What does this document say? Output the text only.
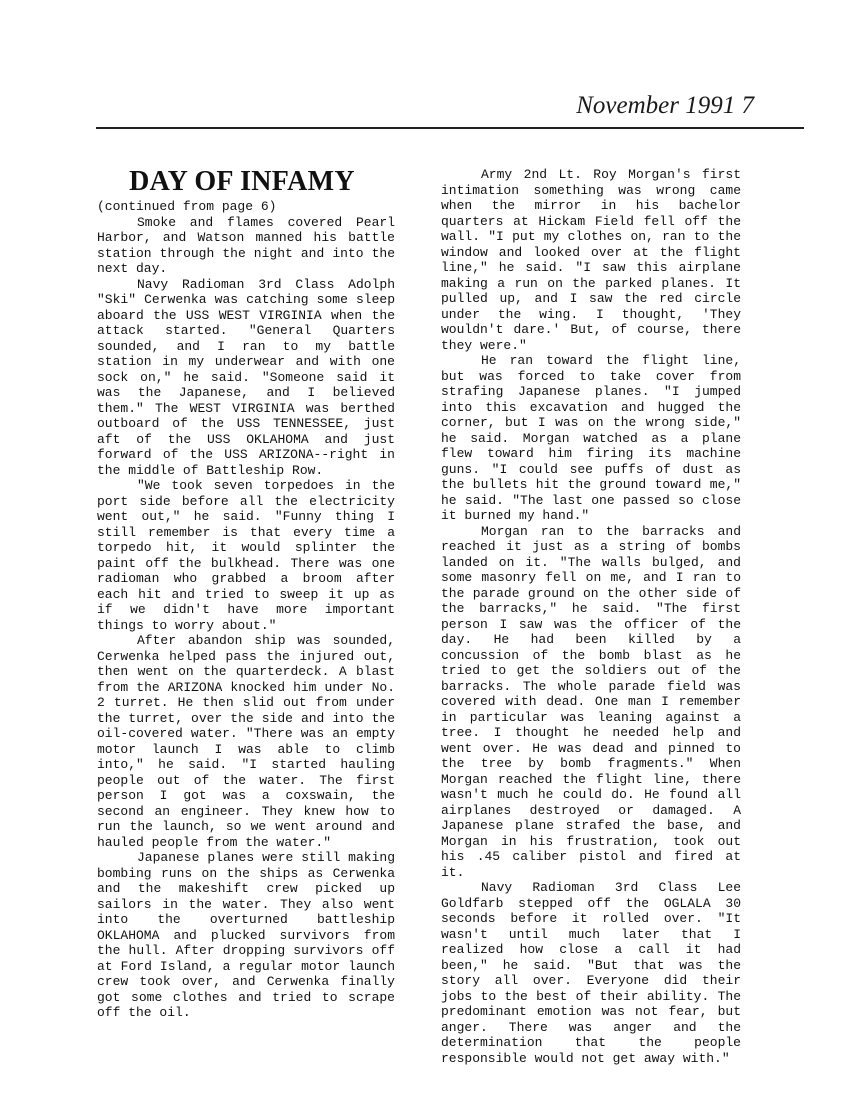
November 1991 7
DAY OF INFAMY

(continued from page 6)

Smoke and flames covered Pearl Harbor, and Watson manned his battle station through the night and into the next day.

Navy Radioman 3rd Class Adolph "Ski" Cerwenka was catching some sleep aboard the USS WEST VIRGINIA when the attack started. "General Quarters sounded, and I ran to my battle station in my underwear and with one sock on," he said. "Someone said it was the Japanese, and I believed them." The WEST VIRGINIA was berthed outboard of the USS TENNESSEE, just aft of the USS OKLAHOMA and just forward of the USS ARIZONA--right in the middle of Battleship Row.

"We took seven torpedoes in the port side before all the electricity went out," he said. "Funny thing I still remember is that every time a torpedo hit, it would splinter the paint off the bulkhead. There was one radioman who grabbed a broom after each hit and tried to sweep it up as if we didn't have more important things to worry about."

After abandon ship was sounded, Cerwenka helped pass the injured out, then went on the quarterdeck. A blast from the ARIZONA knocked him under No. 2 turret. He then slid out from under the turret, over the side and into the oil-covered water. "There was an empty motor launch I was able to climb into," he said. "I started hauling people out of the water. The first person I got was a coxswain, the second an engineer. They knew how to run the launch, so we went around and hauled people from the water."

Japanese planes were still making bombing runs on the ships as Cerwenka and the makeshift crew picked up sailors in the water. They also went into the overturned battleship OKLAHOMA and plucked survivors from the hull. After dropping survivors off at Ford Island, a regular motor launch crew took over, and Cerwenka finally got some clothes and tried to scrape off the oil.

Army 2nd Lt. Roy Morgan's first intimation something was wrong came when the mirror in his bachelor quarters at Hickam Field fell off the wall. "I put my clothes on, ran to the window and looked over at the flight line," he said. "I saw this airplane making a run on the parked planes. It pulled up, and I saw the red circle under the wing. I thought, 'They wouldn't dare.' But, of course, there they were."

He ran toward the flight line, but was forced to take cover from strafing Japanese planes. "I jumped into this excavation and hugged the corner, but I was on the wrong side," he said. Morgan watched as a plane flew toward him firing its machine guns. "I could see puffs of dust as the bullets hit the ground toward me," he said. "The last one passed so close it burned my hand."

Morgan ran to the barracks and reached it just as a string of bombs landed on it. "The walls bulged, and some masonry fell on me, and I ran to the parade ground on the other side of the barracks," he said. "The first person I saw was the officer of the day. He had been killed by a concussion of the bomb blast as he tried to get the soldiers out of the barracks. The whole parade field was covered with dead. One man I remember in particular was leaning against a tree. I thought he needed help and went over. He was dead and pinned to the tree by bomb fragments." When Morgan reached the flight line, there wasn't much he could do. He found all airplanes destroyed or damaged. A Japanese plane strafed the base, and Morgan in his frustration, took out his .45 caliber pistol and fired at it.

Navy Radioman 3rd Class Lee Goldfarb stepped off the OGLALA 30 seconds before it rolled over. "It wasn't until much later that I realized how close a call it had been," he said. "But that was the story all over. Everyone did their jobs to the best of their ability. The predominant emotion was not fear, but anger. There was anger and the determination that the people responsible would not get away with."
